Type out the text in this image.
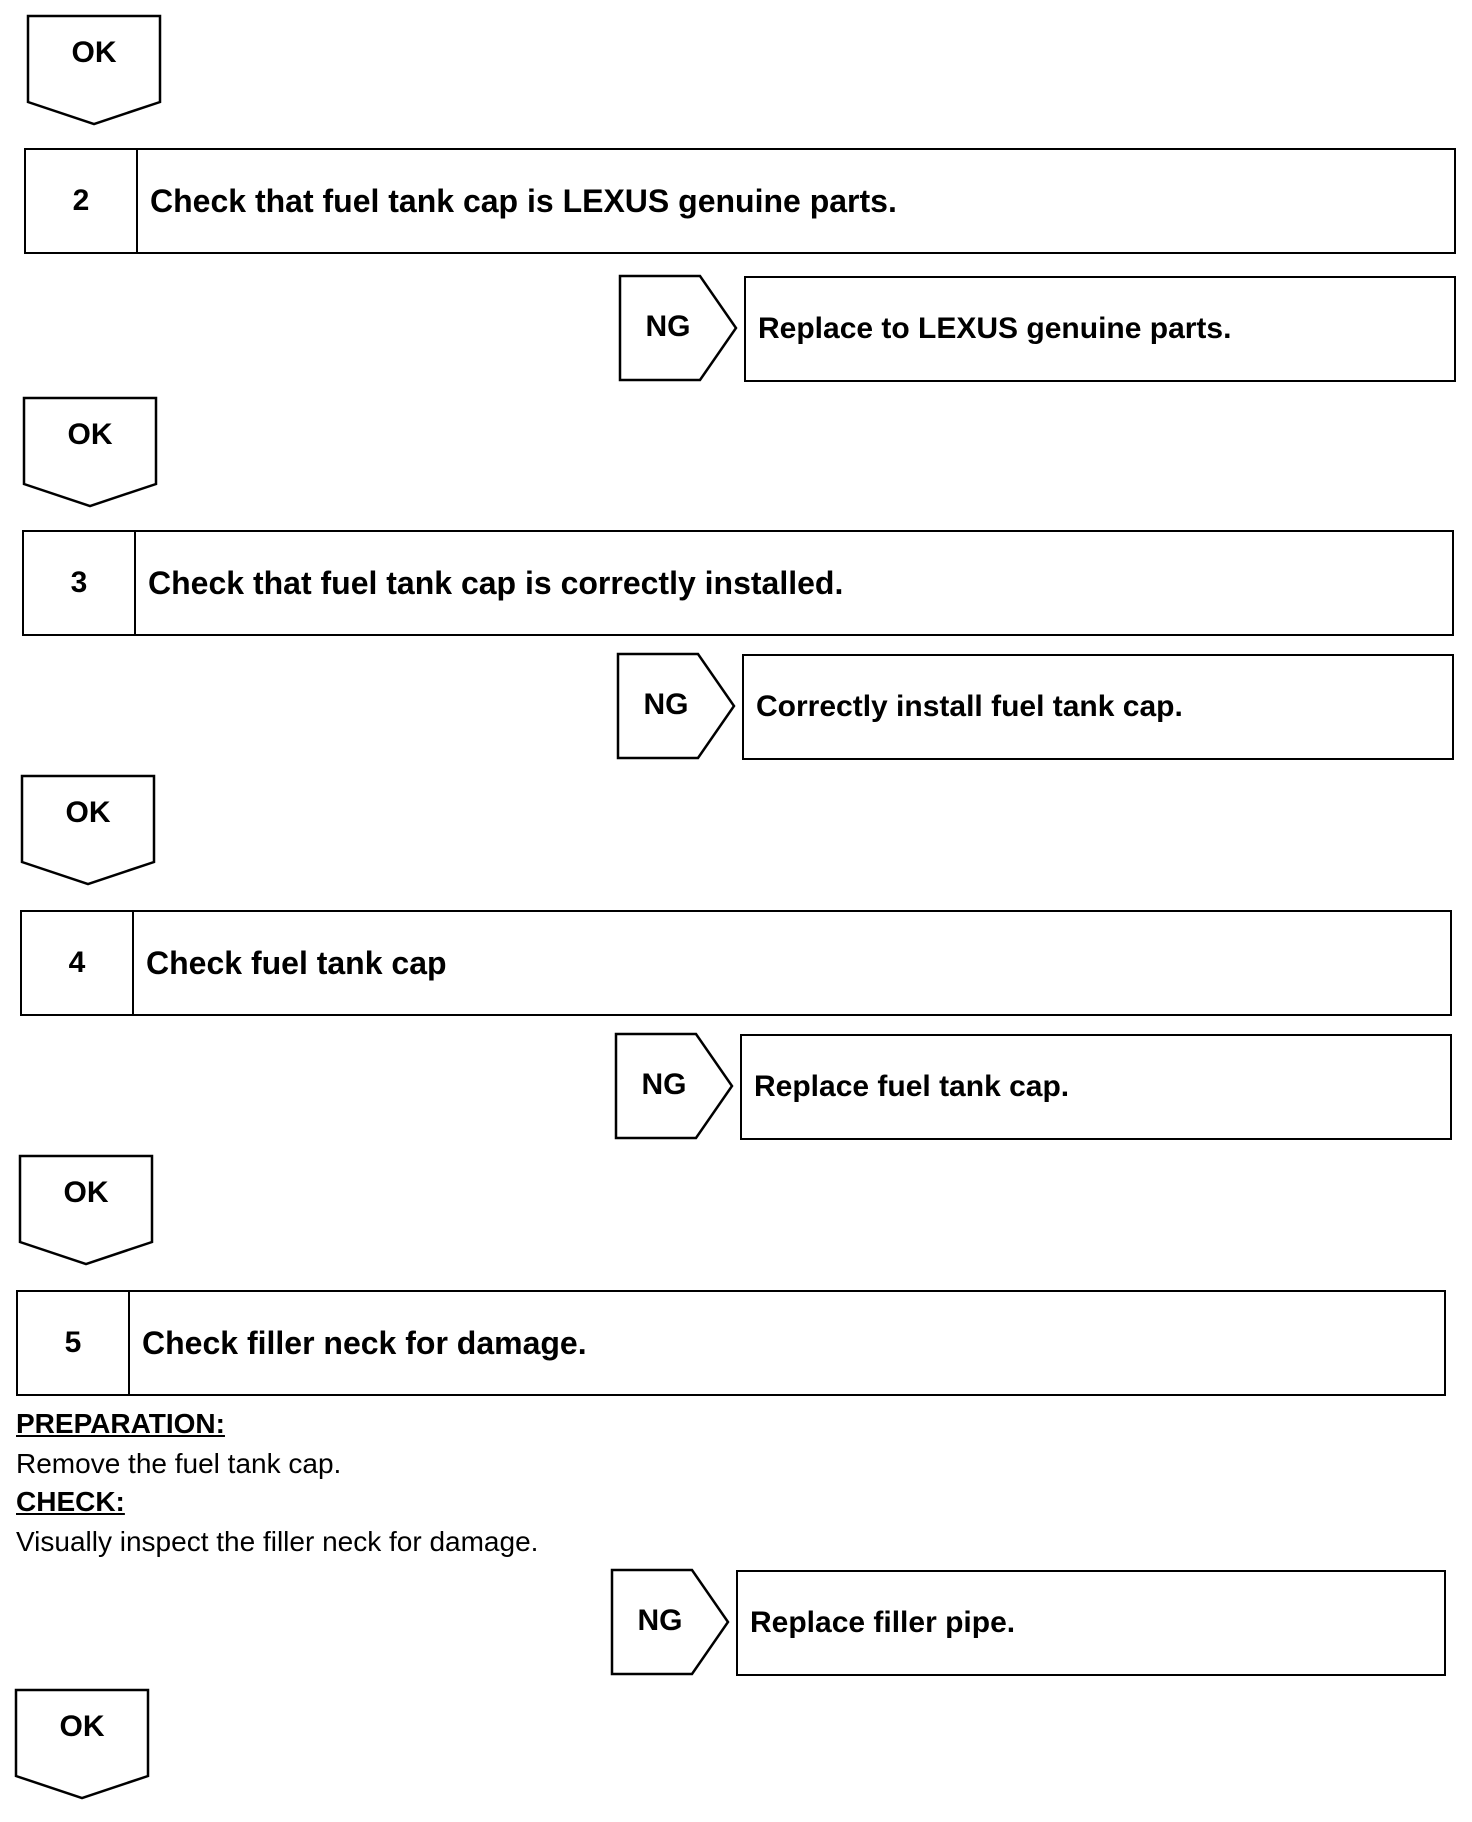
OK
2	Check that fuel tank cap is LEXUS genuine parts.
NG	Replace to LEXUS genuine parts.
OK
3	Check that fuel tank cap is correctly installed.
NG	Correctly install fuel tank cap.
OK
4	Check fuel tank cap
NG	Replace fuel tank cap.
OK
5	Check filler neck for damage.
PREPARATION:
Remove the fuel tank cap.
CHECK:
Visually inspect the filler neck for damage.
NG	Replace filler pipe.
OK
